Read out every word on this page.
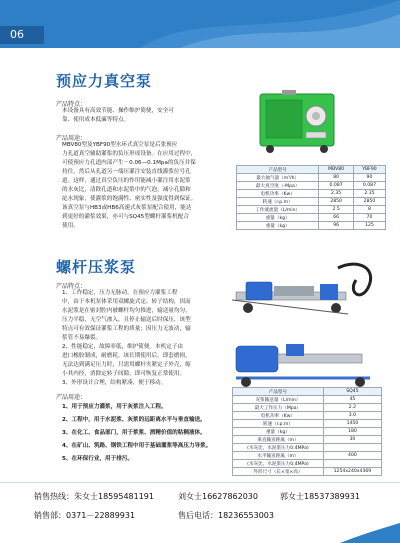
06
预应力真空泵
产品特点：
本设备具有高效节能、操作维护简便，安全可
靠、使用成本低廉等特点。
产品用途：
MBV80型及YBF90型水环式真空泵是后张预应
力孔道真空辅助灌浆的负压形成设备。在应用过程中，
可使预应力孔道内部产生－0.06—0.1Mpa的负压并保
持住，然后从孔道另一端压灌注安装直线灌浆位号孔
道。这样，通过真空负压的作用能减小灌注用水泥浆
的水灰比，清除孔道和水泥浆中的气泡，减小孔隙和
泌水现象，使灌浆的饱满性、密实性及强度得到保证。
该真空泵与HB3或HB6高速式灰浆泵配合使用，能达
到更好的灌浆效果，亦可与SQ45型螺杆灌浆机配合
使用。
产品型号	MBV80	YBF90
最大抽气量（m³/h）	80	90
最大真空度（-Mpa）	0.087	0.087
电机功率（Kw）	2.35	2.35
转速（r.p.m）	2850	2850
工作液流量（L/min）	2.5	8
重量（kg）	66	70
重量（kg）	96	125
螺杆压浆泵
产品特点：
1、工作稳定，压力无脉动。在预应力灌浆工程
中，由于本机泵体采用双螺旋式定、转子结构，因而
水泥浆是在密封腔内被螺杆均匀推进，输送量均匀，
压力平稳，无空气渗入，且停止输送后时保压，该型
特点可有效保证灌浆工程的质量；因压力无波动，输
浆管不易爆裂。
2、性能稳定，故障率低，维护简便。本机定子由
进口橡胶制成，耐磨耗。该长期使用后，即套磨损，
无法达到满足压力时，只需用螺杆夹紧定子外壳，缩
小其内径，消除定转子间隙，即可恢复正常使用。
3、外形设计合理，结构紧凑，便于移动。
产品用途：
1、用于预应力灌浆，用于灰浆注入工程。
2、工程中，用于水泥浆、灰浆的远距离水平与垂直输送。
3、在化工、食品部门，用于浆浆、酒精价值的粘稠液体。
4、在矿山、筑路、钢铁工程中用于基础灌浆等高压力导浆。
5、在环保行业，用于排污。
产品型号	SQ45
灰浆输送量（L/min）	45
最大工作压力（Mpa）	2.2
电机功率（Kw）	3.0
转速（r.p.m）	1450
重量（kg）	180
垂直输送距离（m）	30
(水灰比，水泥浆压力0.4MPa)	
水平输送距离（m）	400
(水灰比，水泥浆压力0.4MPa)	
外形尺寸（长×宽×高）	1254x240x4369
销售热线：朱女士18595481191	刘女士16627862030	郭女士18537389931
销售部：0371－22889931	售后电话：18236553003
